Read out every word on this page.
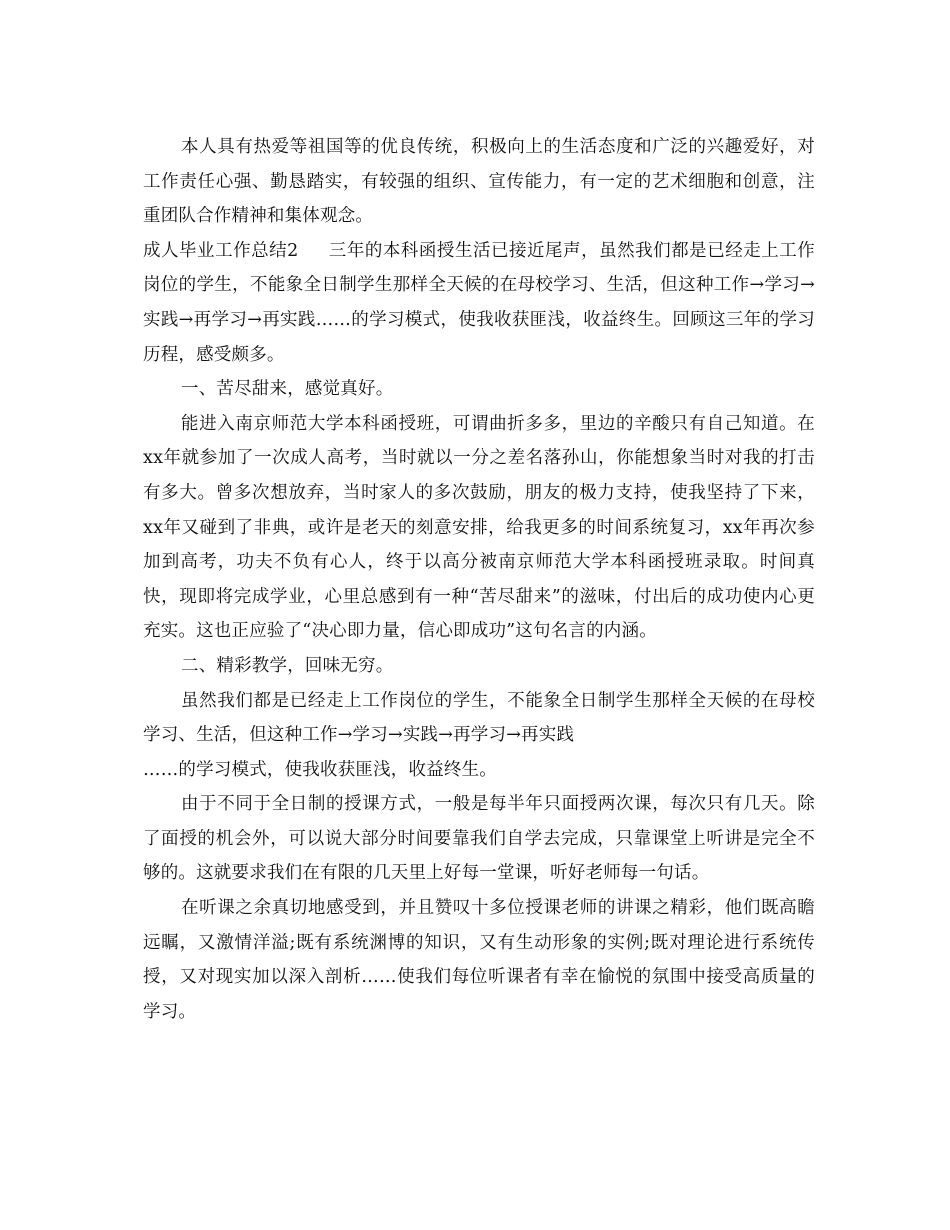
本人具有热爱等祖国等的优良传统，积极向上的生活态度和广泛的兴趣爱好，对工作责任心强、勤恳踏实，有较强的组织、宣传能力，有一定的艺术细胞和创意，注重团队合作精神和集体观念。

成人毕业工作总结2 三年的本科函授生活已接近尾声，虽然我们都是已经走上工作岗位的学生，不能象全日制学生那样全天候的在母校学习、生活，但这种工作→学习→实践→再学习→再实践……的学习模式，使我收获匪浅，收益终生。回顾这三年的学习历程，感受颇多。

一、苦尽甜来，感觉真好。

能进入南京师范大学本科函授班，可谓曲折多多，里边的辛酸只有自己知道。在xx年就参加了一次成人高考，当时就以一分之差名落孙山，你能想象当时对我的打击有多大。曾多次想放弃，当时家人的多次鼓励，朋友的极力支持，使我坚持了下来，xx年又碰到了非典，或许是老天的刻意安排，给我更多的时间系统复习，xx年再次参加到高考，功夫不负有心人，终于以高分被南京师范大学本科函授班录取。时间真快，现即将完成学业，心里总感到有一种“苦尽甜来”的滋味，付出后的成功使内心更充实。这也正应验了“决心即力量，信心即成功”这句名言的内涵。

二、精彩教学，回味无穷。

虽然我们都是已经走上工作岗位的学生，不能象全日制学生那样全天候的在母校学习、生活，但这种工作→学习→实践→再学习→再实践

……的学习模式，使我收获匪浅，收益终生。

由于不同于全日制的授课方式，一般是每半年只面授两次课，每次只有几天。除了面授的机会外，可以说大部分时间要靠我们自学去完成，只靠课堂上听讲是完全不够的。这就要求我们在有限的几天里上好每一堂课，听好老师每一句话。

在听课之余真切地感受到，并且赞叹十多位授课老师的讲课之精彩，他们既高瞻远瞩，又激情洋溢;既有系统渊博的知识，又有生动形象的实例;既对理论进行系统传授，又对现实加以深入剖析……使我们每位听课者有幸在愉悦的氛围中接受高质量的学习。
